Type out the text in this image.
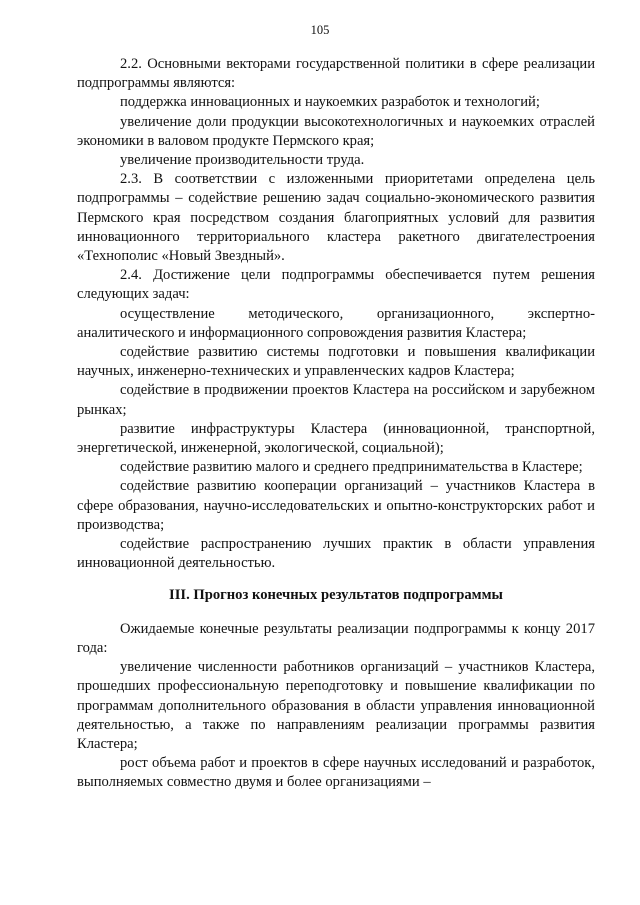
105

2.2. Основными векторами государственной политики в сфере реализации подпрограммы являются:

поддержка инновационных и наукоемких разработок и технологий;

увеличение доли продукции высокотехнологичных и наукоемких отраслей экономики в валовом продукте Пермского края;

увеличение производительности труда.

2.3. В соответствии с изложенными приоритетами определена цель подпрограммы – содействие решению задач социально-экономического развития Пермского края посредством создания благоприятных условий для развития инновационного территориального кластера ракетного двигателестроения «Технополис «Новый Звездный».

2.4. Достижение цели подпрограммы обеспечивается путем решения следующих задач:

осуществление методического, организационного, экспертно-аналитического и информационного сопровождения развития Кластера;

содействие развитию системы подготовки и повышения квалификации научных, инженерно-технических и управленческих кадров Кластера;

содействие в продвижении проектов Кластера на российском и зарубежном рынках;

развитие инфраструктуры Кластера (инновационной, транспортной, энергетической, инженерной, экологической, социальной);

содействие развитию малого и среднего предпринимательства в Кластере;

содействие развитию кооперации организаций – участников Кластера в сфере образования, научно-исследовательских и опытно-конструкторских работ и производства;

содействие распространению лучших практик в области управления инновационной деятельностью.

III. Прогноз конечных результатов подпрограммы

Ожидаемые конечные результаты реализации подпрограммы к концу 2017 года:

увеличение численности работников организаций – участников Кластера, прошедших профессиональную переподготовку и повышение квалификации по программам дополнительного образования в области управления инновационной деятельностью, а также по направлениям реализации программы развития Кластера;

рост объема работ и проектов в сфере научных исследований и разработок, выполняемых совместно двумя и более организациями –
